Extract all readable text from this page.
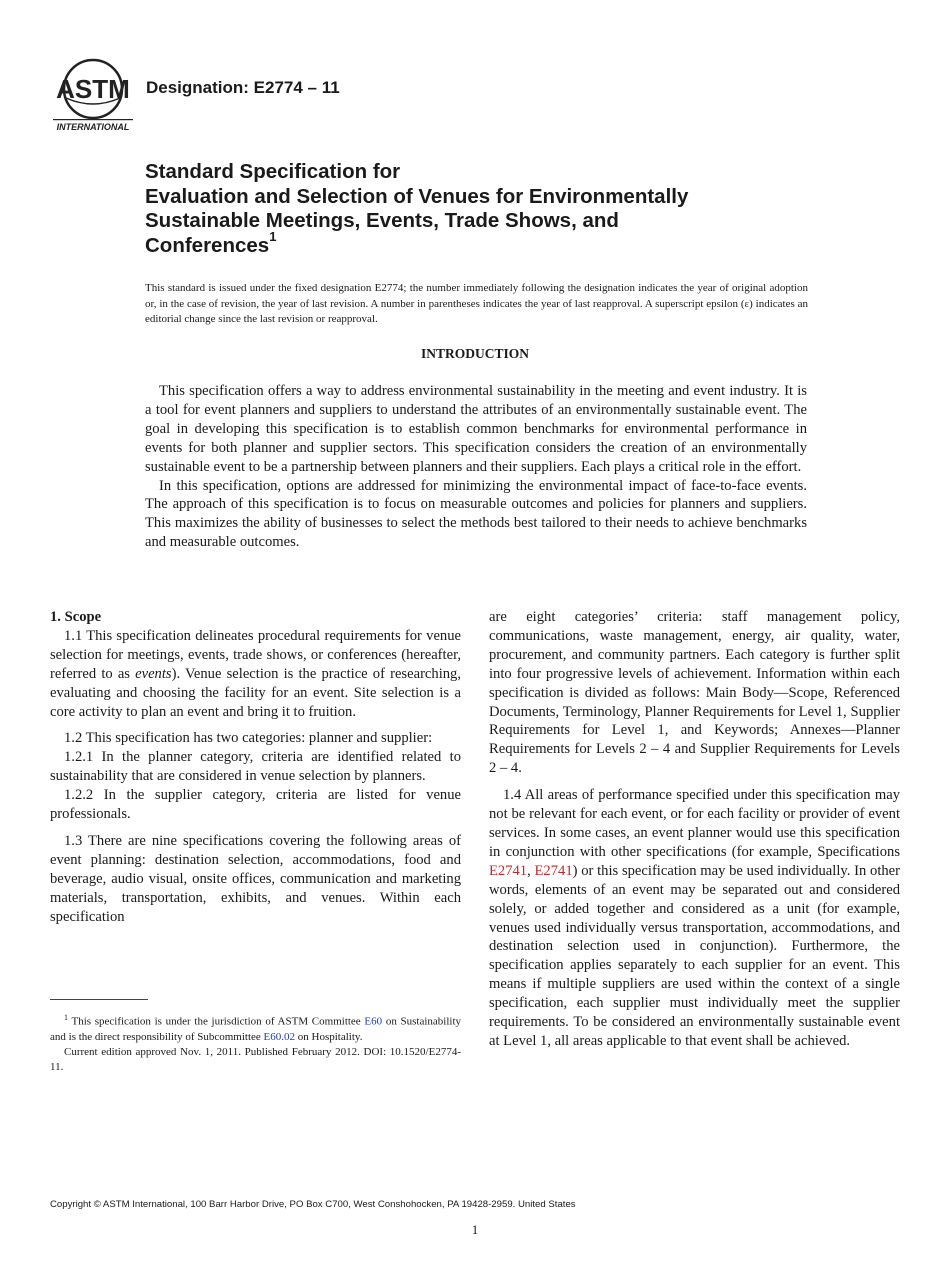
ASTM
INTERNATIONAL
Designation: E2774 – 11
Standard Specification for
Evaluation and Selection of Venues for Environmentally
Sustainable Meetings, Events, Trade Shows, and
Conferences$^1$
This standard is issued under the fixed designation E2774; the number immediately following the designation indicates the year of original adoption or, in the case of revision, the year of last revision. A number in parentheses indicates the year of last reapproval. A superscript epsilon (ε) indicates an editorial change since the last revision or reapproval.
INTRODUCTION

This specification offers a way to address environmental sustainability in the meeting and event industry. It is a tool for event planners and suppliers to understand the attributes of an environmentally sustainable event. The goal in developing this specification is to establish common benchmarks for environmental performance in events for both planner and supplier sectors. This specification considers the creation of an environmentally sustainable event to be a partnership between planners and their suppliers. Each plays a critical role in the effort.

In this specification, options are addressed for minimizing the environmental impact of face-to-face events. The approach of this specification is to focus on measurable outcomes and policies for planners and suppliers. This maximizes the ability of businesses to select the methods best tailored to their needs to achieve benchmarks and measurable outcomes.

1. Scope

1.1 This specification delineates procedural requirements for venue selection for meetings, events, trade shows, or conferences (hereafter, referred to as events). Venue selection is the practice of researching, evaluating and choosing the facility for an event. Site selection is a core activity to plan an event and bring it to fruition.

1.2 This specification has two categories: planner and supplier:

1.2.1 In the planner category, criteria are identified related to sustainability that are considered in venue selection by planners.

1.2.2 In the supplier category, criteria are listed for venue professionals.

1.3 There are nine specifications covering the following areas of event planning: destination selection, accommodations, food and beverage, audio visual, onsite offices, communication and marketing materials, transportation, exhibits, and venues. Within each specification

are eight categories’ criteria: staff management policy, communications, waste management, energy, air quality, water, procurement, and community partners. Each category is further split into four progressive levels of achievement. Information within each specification is divided as follows: Main Body—Scope, Referenced Documents, Terminology, Planner Requirements for Level 1, Supplier Requirements for Level 1, and Keywords; Annexes—Planner Requirements for Levels 2 – 4 and Supplier Requirements for Levels 2 – 4.

1.4 All areas of performance specified under this specification may not be relevant for each event, or for each facility or provider of event services. In some cases, an event planner would use this specification in conjunction with other specifications (for example, Specifications E2741, E2741) or this specification may be used individually. In other words, elements of an event may be separated out and considered solely, or added together and considered as a unit (for example, venues used individually versus transportation, accommodations, and destination selection used in conjunction). Furthermore, the specification applies separately to each supplier for an event. This means if multiple suppliers are used within the context of a single specification, each supplier must individually meet the supplier requirements. To be considered an environmentally sustainable event at Level 1, all areas applicable to that event shall be achieved.

$^1$ This specification is under the jurisdiction of ASTM Committee E60 on Sustainability and is the direct responsibility of Subcommittee E60.02 on Hospitality.

Current edition approved Nov. 1, 2011. Published February 2012. DOI: 10.1520/E2774-11.

Copyright © ASTM International, 100 Barr Harbor Drive, PO Box C700, West Conshohocken, PA 19428-2959. United States
1
